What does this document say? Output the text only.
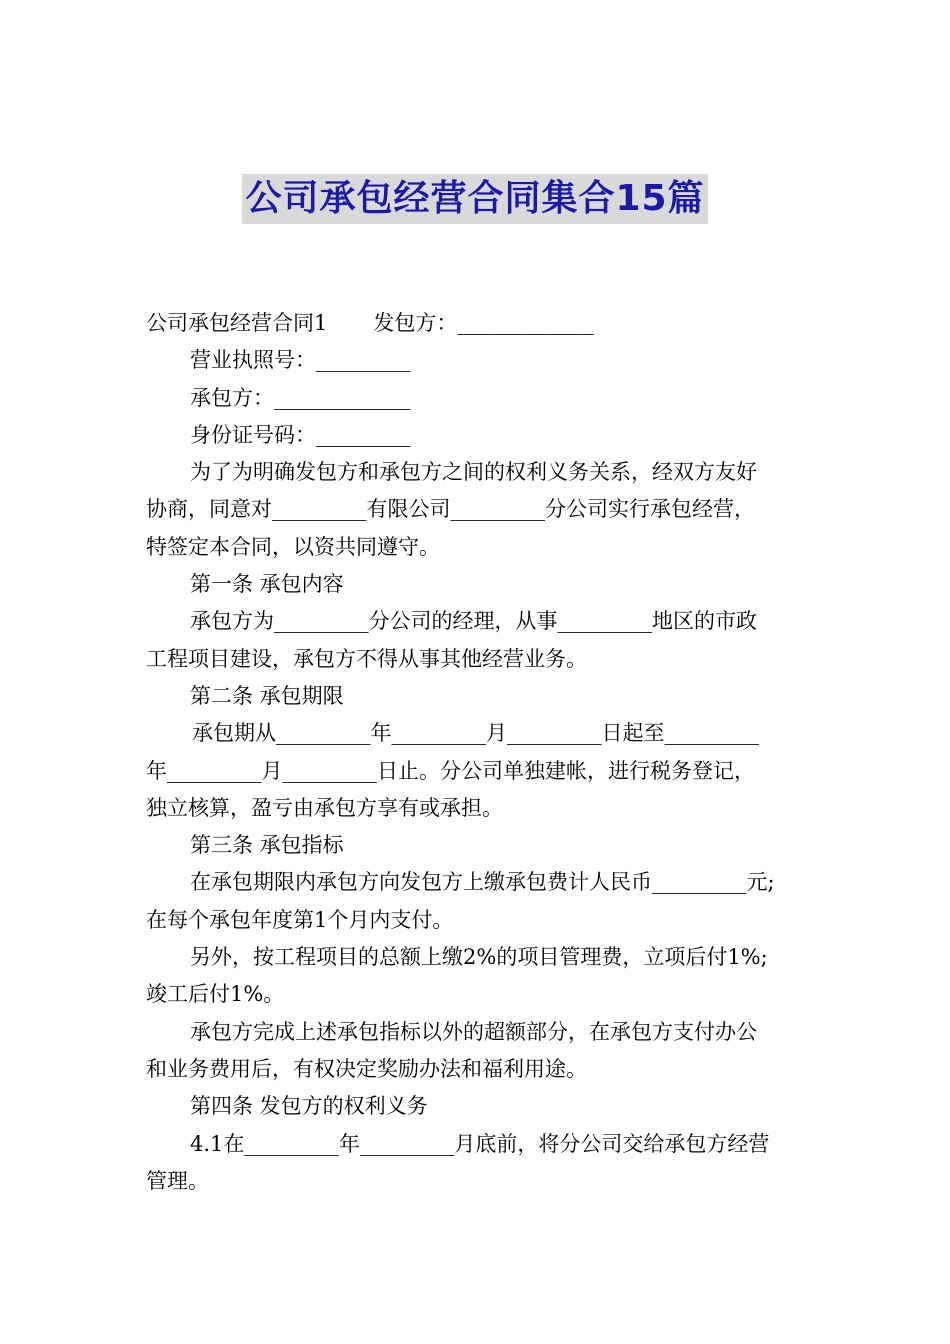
公司承包经营合同集合15篇

公司承包经营合同1 发包方：_____________

营业执照号：_________

承包方：_____________

身份证号码：_________

为了为明确发包方和承包方之间的权利义务关系，经双方友好

协商，同意对_________有限公司_________分公司实行承包经营，

特签定本合同，以资共同遵守。

第一条 承包内容

承包方为_________分公司的经理，从事_________地区的市政

工程项目建设，承包方不得从事其他经营业务。

第二条 承包期限

承包期从_________年_________月_________日起至_________

年_________月_________日止。分公司单独建帐，进行税务登记，

独立核算，盈亏由承包方享有或承担。

第三条 承包指标

在承包期限内承包方向发包方上缴承包费计人民币_________元;

在每个承包年度第1个月内支付。

另外，按工程项目的总额上缴2%的项目管理费，立项后付1%;

竣工后付1%。

承包方完成上述承包指标以外的超额部分，在承包方支付办公

和业务费用后，有权决定奖励办法和福利用途。

第四条 发包方的权利义务

4.1在_________年_________月底前，将分公司交给承包方经营

管理。
